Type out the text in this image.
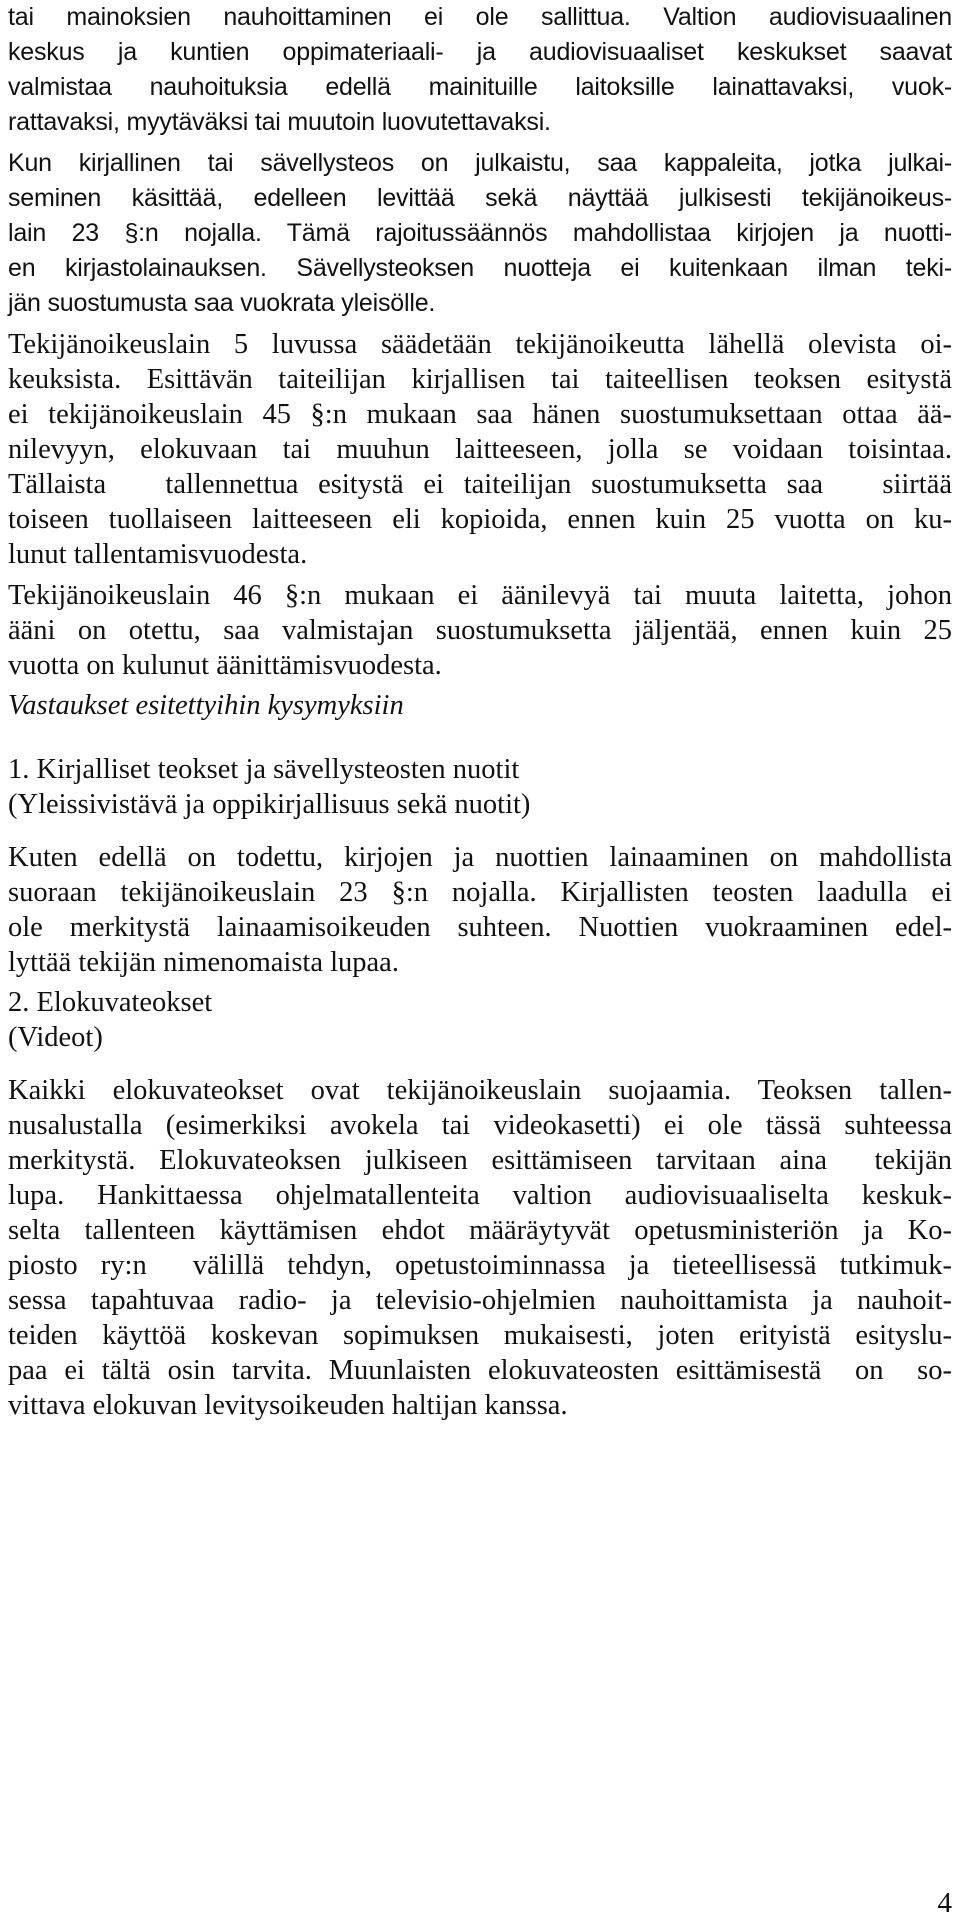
tai mainoksien nauhoittaminen ei ole sallittua. Valtion audiovisuaalinen
keskus ja kuntien oppimateriaali- ja audiovisuaaliset keskukset saavat
valmistaa nauhoituksia edellä mainituille laitoksille lainattavaksi, vuok-
rattavaksi, myytäväksi tai muutoin luovutettavaksi.
Kun kirjallinen tai sävellysteos on julkaistu, saa kappaleita, jotka julkai-
seminen käsittää, edelleen levittää sekä näyttää julkisesti tekijänoikeus-
lain 23 §:n nojalla. Tämä rajoitussäännös mahdollistaa kirjojen ja nuotti-
en kirjastolainauksen. Sävellysteoksen nuotteja ei kuitenkaan ilman teki-
jän suostumusta saa vuokrata yleisölle.
Tekijänoikeuslain 5 luvussa säädetään tekijänoikeutta lähellä olevista oi-
keuksista. Esittävän taiteilijan kirjallisen tai taiteellisen teoksen esitystä
ei tekijänoikeuslain 45 §:n mukaan saa hänen suostumuksettaan ottaa ää-
nilevyyn, elokuvaan tai muuhun laitteeseen, jolla se voidaan toisintaa.
Tällaista   tallennettua esitystä ei taiteilijan suostumuksetta saa   siirtää
toiseen tuollaiseen laitteeseen eli kopioida, ennen kuin 25 vuotta on ku-
lunut tallentamisvuodesta.
Tekijänoikeuslain 46 §:n mukaan ei äänilevyä tai muuta laitetta, johon
ääni on otettu, saa valmistajan suostumuksetta jäljentää, ennen kuin 25
vuotta on kulunut äänittämisvuodesta.
Vastaukset esitettyihin kysymyksiin
1. Kirjalliset teokset ja sävellysteosten nuotit
(Yleissivistävä ja oppikirjallisuus sekä nuotit)
Kuten edellä on todettu, kirjojen ja nuottien lainaaminen on mahdollista
suoraan tekijänoikeuslain 23 §:n nojalla. Kirjallisten teosten laadulla ei
ole merkitystä lainaamisoikeuden suhteen. Nuottien vuokraaminen edel-
lyttää tekijän nimenomaista lupaa.
2. Elokuvateokset
(Videot)
Kaikki elokuvateokset ovat tekijänoikeuslain suojaamia. Teoksen tallen-
nusalustalla (esimerkiksi avokela tai videokasetti) ei ole tässä suhteessa
merkitystä. Elokuvateoksen julkiseen esittämiseen tarvitaan aina  tekijän
lupa. Hankittaessa ohjelmatallenteita valtion audiovisuaaliselta keskuk-
selta tallenteen käyttämisen ehdot määräytyvät opetusministeriön ja Ko-
piosto ry:n  välillä tehdyn, opetustoiminnassa ja tieteellisessä tutkimuk-
sessa tapahtuvaa radio- ja televisio-ohjelmien nauhoittamista ja nauhoit-
teiden käyttöä koskevan sopimuksen mukaisesti, joten erityistä esityslu-
paa ei tältä osin tarvita. Muunlaisten elokuvateosten esittämisestä  on  so-
vittava elokuvan levitysoikeuden haltijan kanssa.
4
